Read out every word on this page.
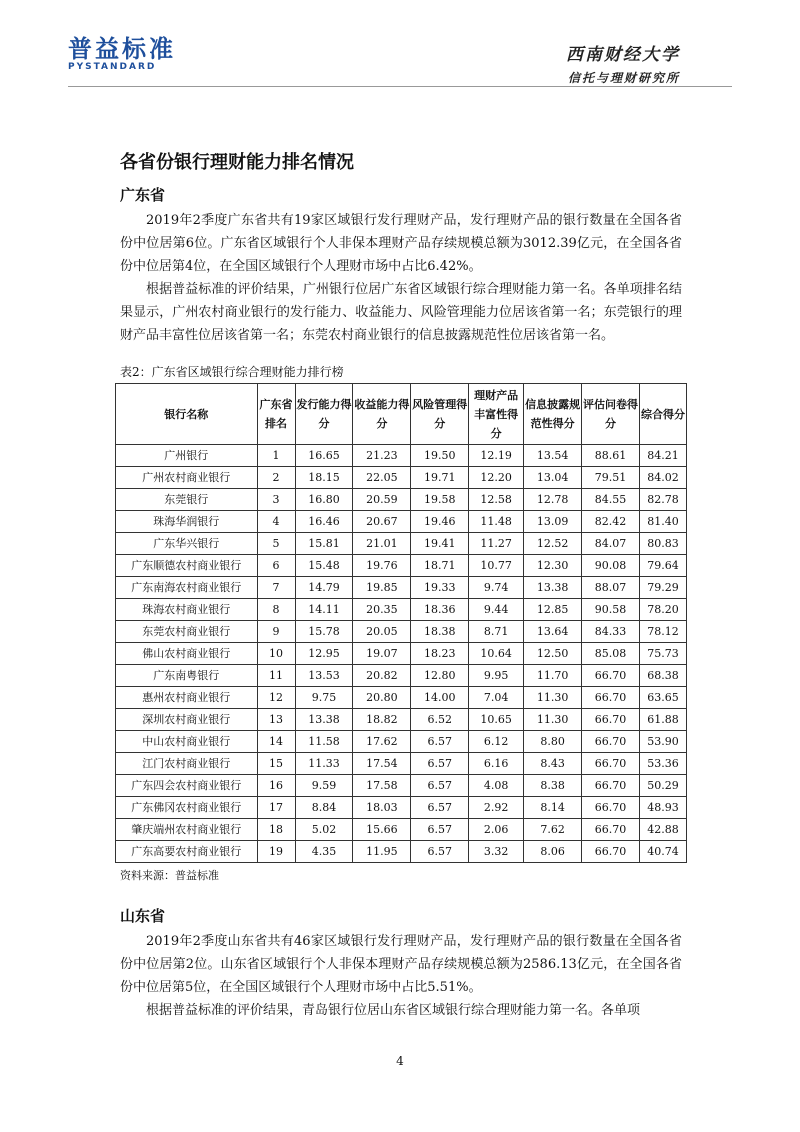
普益标准
PYSTANDARD
西南财经大学
信托与理财研究所
各省份银行理财能力排名情况
广东省

2019年2季度广东省共有19家区域银行发行理财产品，发行理财产品的银行数量在全国各省份中位居第6位。广东省区域银行个人非保本理财产品存续规模总额为3012.39亿元，在全国各省份中位居第4位，在全国区域银行个人理财市场中占比6.42%。

根据普益标准的评价结果，广州银行位居广东省区域银行综合理财能力第一名。各单项排名结果显示，广州农村商业银行的发行能力、收益能力、风险管理能力位居该省第一名；东莞银行的理财产品丰富性位居该省第一名；东莞农村商业银行的信息披露规范性位居该省第一名。

表2：广东省区域银行综合理财能力排行榜
银行名称	广东省排名	发行能力得分	收益能力得分	风险管理得分	理财产品丰富性得分	信息披露规范性得分	评估问卷得分	综合得分
广州银行	1	16.65	21.23	19.50	12.19	13.54	88.61	84.21
广州农村商业银行	2	18.15	22.05	19.71	12.20	13.04	79.51	84.02
东莞银行	3	16.80	20.59	19.58	12.58	12.78	84.55	82.78
珠海华润银行	4	16.46	20.67	19.46	11.48	13.09	82.42	81.40
广东华兴银行	5	15.81	21.01	19.41	11.27	12.52	84.07	80.83
广东顺德农村商业银行	6	15.48	19.76	18.71	10.77	12.30	90.08	79.64
广东南海农村商业银行	7	14.79	19.85	19.33	9.74	13.38	88.07	79.29
珠海农村商业银行	8	14.11	20.35	18.36	9.44	12.85	90.58	78.20
东莞农村商业银行	9	15.78	20.05	18.38	8.71	13.64	84.33	78.12
佛山农村商业银行	10	12.95	19.07	18.23	10.64	12.50	85.08	75.73
广东南粤银行	11	13.53	20.82	12.80	9.95	11.70	66.70	68.38
惠州农村商业银行	12	9.75	20.80	14.00	7.04	11.30	66.70	63.65
深圳农村商业银行	13	13.38	18.82	6.52	10.65	11.30	66.70	61.88
中山农村商业银行	14	11.58	17.62	6.57	6.12	8.80	66.70	53.90
江门农村商业银行	15	11.33	17.54	6.57	6.16	8.43	66.70	53.36
广东四会农村商业银行	16	9.59	17.58	6.57	4.08	8.38	66.70	50.29
广东佛冈农村商业银行	17	8.84	18.03	6.57	2.92	8.14	66.70	48.93
肇庆端州农村商业银行	18	5.02	15.66	6.57	2.06	7.62	66.70	42.88
广东高要农村商业银行	19	4.35	11.95	6.57	3.32	8.06	66.70	40.74
资料来源：普益标准
山东省

2019年2季度山东省共有46家区域银行发行理财产品，发行理财产品的银行数量在全国各省份中位居第2位。山东省区域银行个人非保本理财产品存续规模总额为2586.13亿元，在全国各省份中位居第5位，在全国区域银行个人理财市场中占比5.51%。

根据普益标准的评价结果，青岛银行位居山东省区域银行综合理财能力第一名。各单项

4
